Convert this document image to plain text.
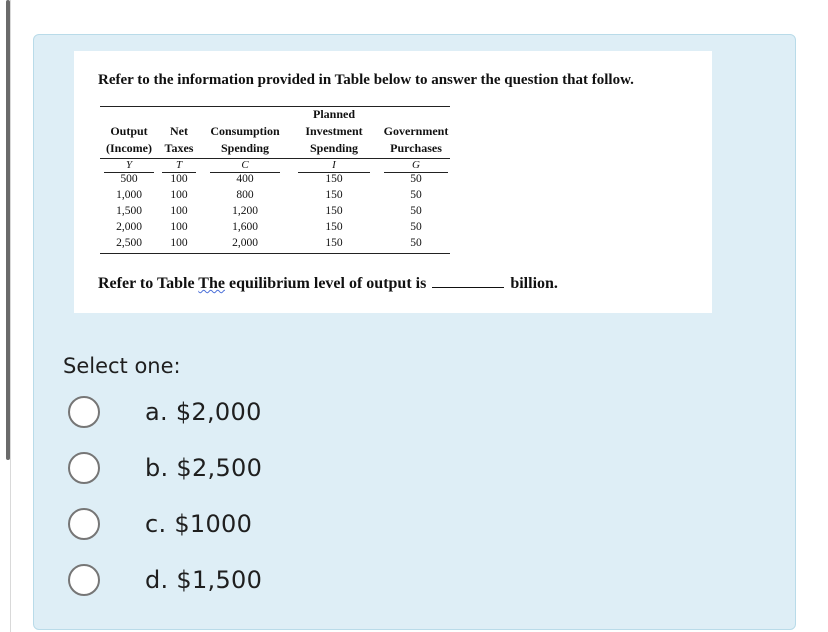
Refer to the information provided in Table below to answer the question that follow.
Planned
Output	Net	Consumption	Investment	Government
(Income)	Taxes	Spending	Spending	Purchases
Y	T	C	I	G
500	100	400	150	50
1,000	100	800	150	50
1,500	100	1,200	150	50
2,000	100	1,600	150	50
2,500	100	2,000	150	50
Refer to Table The equilibrium level of output is	billion.
Select one:
a. $2,000
b. $2,500
c. $1000
d. $1,500
